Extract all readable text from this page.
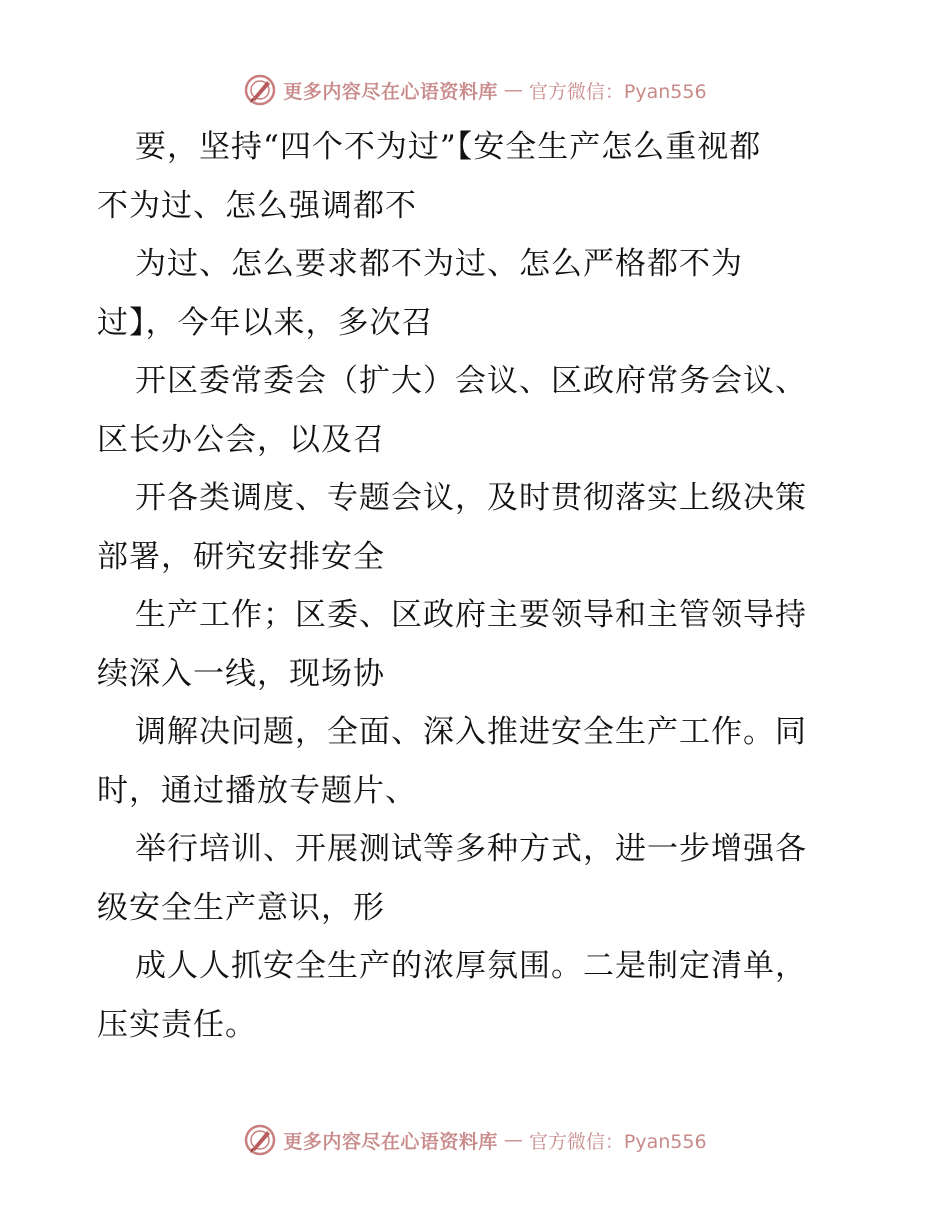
更多内容尽在心语资料库 — 官方微信：Pyan556
要，坚持“四个不为过”【安全生产怎么重视都
不为过、怎么强调都不
为过、怎么要求都不为过、怎么严格都不为
过】，今年以来，多次召
开区委常委会（扩大）会议、区政府常务会议、
区长办公会，以及召
开各类调度、专题会议，及时贯彻落实上级决策
部署，研究安排安全
生产工作；区委、区政府主要领导和主管领导持
续深入一线，现场协
调解决问题，全面、深入推进安全生产工作。同
时，通过播放专题片、
举行培训、开展测试等多种方式，进一步增强各
级安全生产意识，形
成人人抓安全生产的浓厚氛围。二是制定清单，
压实责任。
更多内容尽在心语资料库 — 官方微信：Pyan556
